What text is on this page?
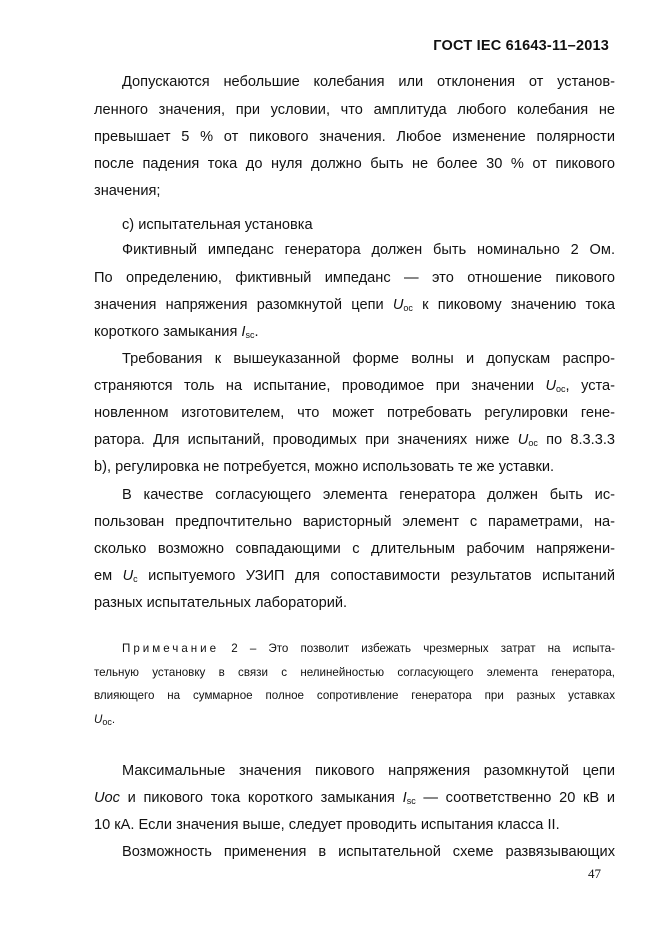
ГОСТ IEC 61643-11–2013
Допускаются небольшие колебания или отклонения от установ-
ленного значения, при условии, что амплитуда любого колебания не
превышает 5 % от пикового значения. Любое изменение полярности
после падения тока до нуля должно быть не более 30 % от пикового
значения;
с) испытательная установка
Фиктивный импеданс генератора должен быть номинально 2 Ом.
По определению, фиктивный импеданс — это отношение пикового
значения напряжения разомкнутой цепи $U_{oc}$ к пиковому значению тока
короткого замыкания $I_{sc}$.
Требования к вышеуказанной форме волны и допускам распро-
страняются толь на испытание, проводимое при значении $U_{oc}$, уста-
новленном изготовителем, что может потребовать регулировки гене-
ратора. Для испытаний, проводимых при значениях ниже $U_{oc}$ по 8.3.3.3
b), регулировка не потребуется, можно использовать те же уставки.
В качестве согласующего элемента генератора должен быть ис-
пользован предпочтительно варисторный элемент с параметрами, на-
сколько возможно совпадающими с длительным рабочим напряжени-
ем $U_c$ испытуемого УЗИП для сопоставимости результатов испытаний
разных испытательных лабораторий.
Примечание 2 – Это позволит избежать чрезмерных затрат на испыта-
тельную установку в связи с нелинейностью согласующего элемента генератора,
влияющего на суммарное полное сопротивление генератора при разных уставках
$U_{oc}$.
Максимальные значения пикового напряжения разомкнутой цепи
Uoc и пикового тока короткого замыкания $I_{sc}$ — соответственно 20 кВ и
10 кА. Если значения выше, следует проводить испытания класса II.
Возможность применения в испытательной схеме развязывающих
47
